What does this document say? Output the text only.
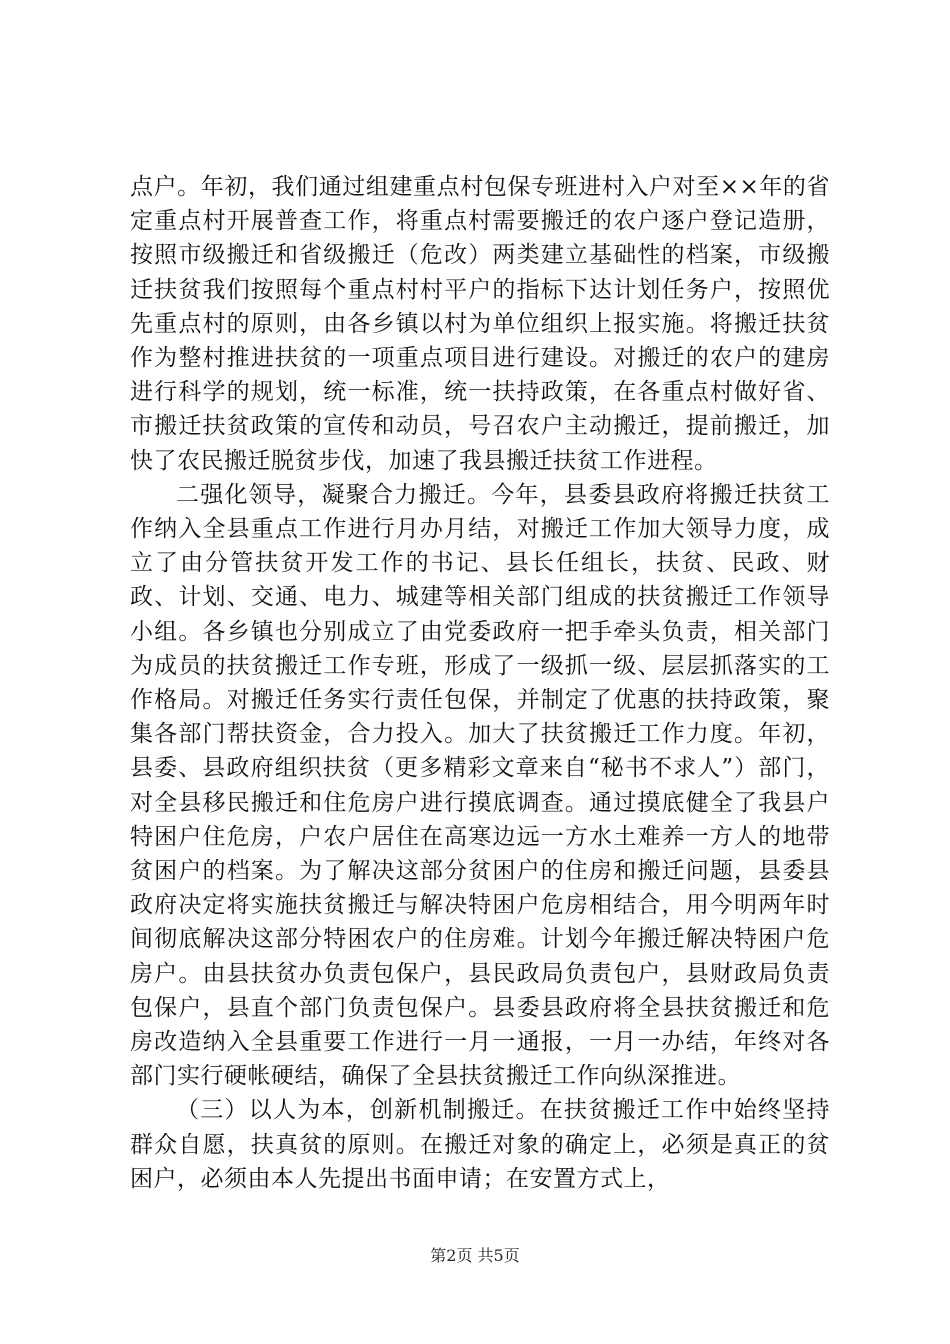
点户。年初，我们通过组建重点村包保专班进村入户对至××年的省定重点村开展普查工作，将重点村需要搬迁的农户逐户登记造册，按照市级搬迁和省级搬迁（危改）两类建立基础性的档案，市级搬迁扶贫我们按照每个重点村村平户的指标下达计划任务户，按照优先重点村的原则，由各乡镇以村为单位组织上报实施。将搬迁扶贫作为整村推进扶贫的一项重点项目进行建设。对搬迁的农户的建房进行科学的规划，统一标准，统一扶持政策，在各重点村做好省、市搬迁扶贫政策的宣传和动员，号召农户主动搬迁，提前搬迁，加快了农民搬迁脱贫步伐，加速了我县搬迁扶贫工作进程。

二强化领导，凝聚合力搬迁。今年，县委县政府将搬迁扶贫工作纳入全县重点工作进行月办月结，对搬迁工作加大领导力度，成立了由分管扶贫开发工作的书记、县长任组长，扶贫、民政、财政、计划、交通、电力、城建等相关部门组成的扶贫搬迁工作领导小组。各乡镇也分别成立了由党委政府一把手牵头负责，相关部门为成员的扶贫搬迁工作专班，形成了一级抓一级、层层抓落实的工作格局。对搬迁任务实行责任包保，并制定了优惠的扶持政策，聚集各部门帮扶资金，合力投入。加大了扶贫搬迁工作力度。年初，县委、县政府组织扶贫（更多精彩文章来自“秘书不求人”）部门，对全县移民搬迁和住危房户进行摸底调查。通过摸底健全了我县户特困户住危房，户农户居住在高寒边远一方水土难养一方人的地带贫困户的档案。为了解决这部分贫困户的住房和搬迁问题，县委县政府决定将实施扶贫搬迁与解决特困户危房相结合，用今明两年时间彻底解决这部分特困农户的住房难。计划今年搬迁解决特困户危房户。由县扶贫办负责包保户，县民政局负责包户，县财政局负责包保户，县直个部门负责包保户。县委县政府将全县扶贫搬迁和危房改造纳入全县重要工作进行一月一通报，一月一办结，年终对各部门实行硬帐硬结，确保了全县扶贫搬迁工作向纵深推进。

（三）以人为本，创新机制搬迁。在扶贫搬迁工作中始终坚持群众自愿，扶真贫的原则。在搬迁对象的确定上，必须是真正的贫困户，必须由本人先提出书面申请；在安置方式上，

第2页 共5页
